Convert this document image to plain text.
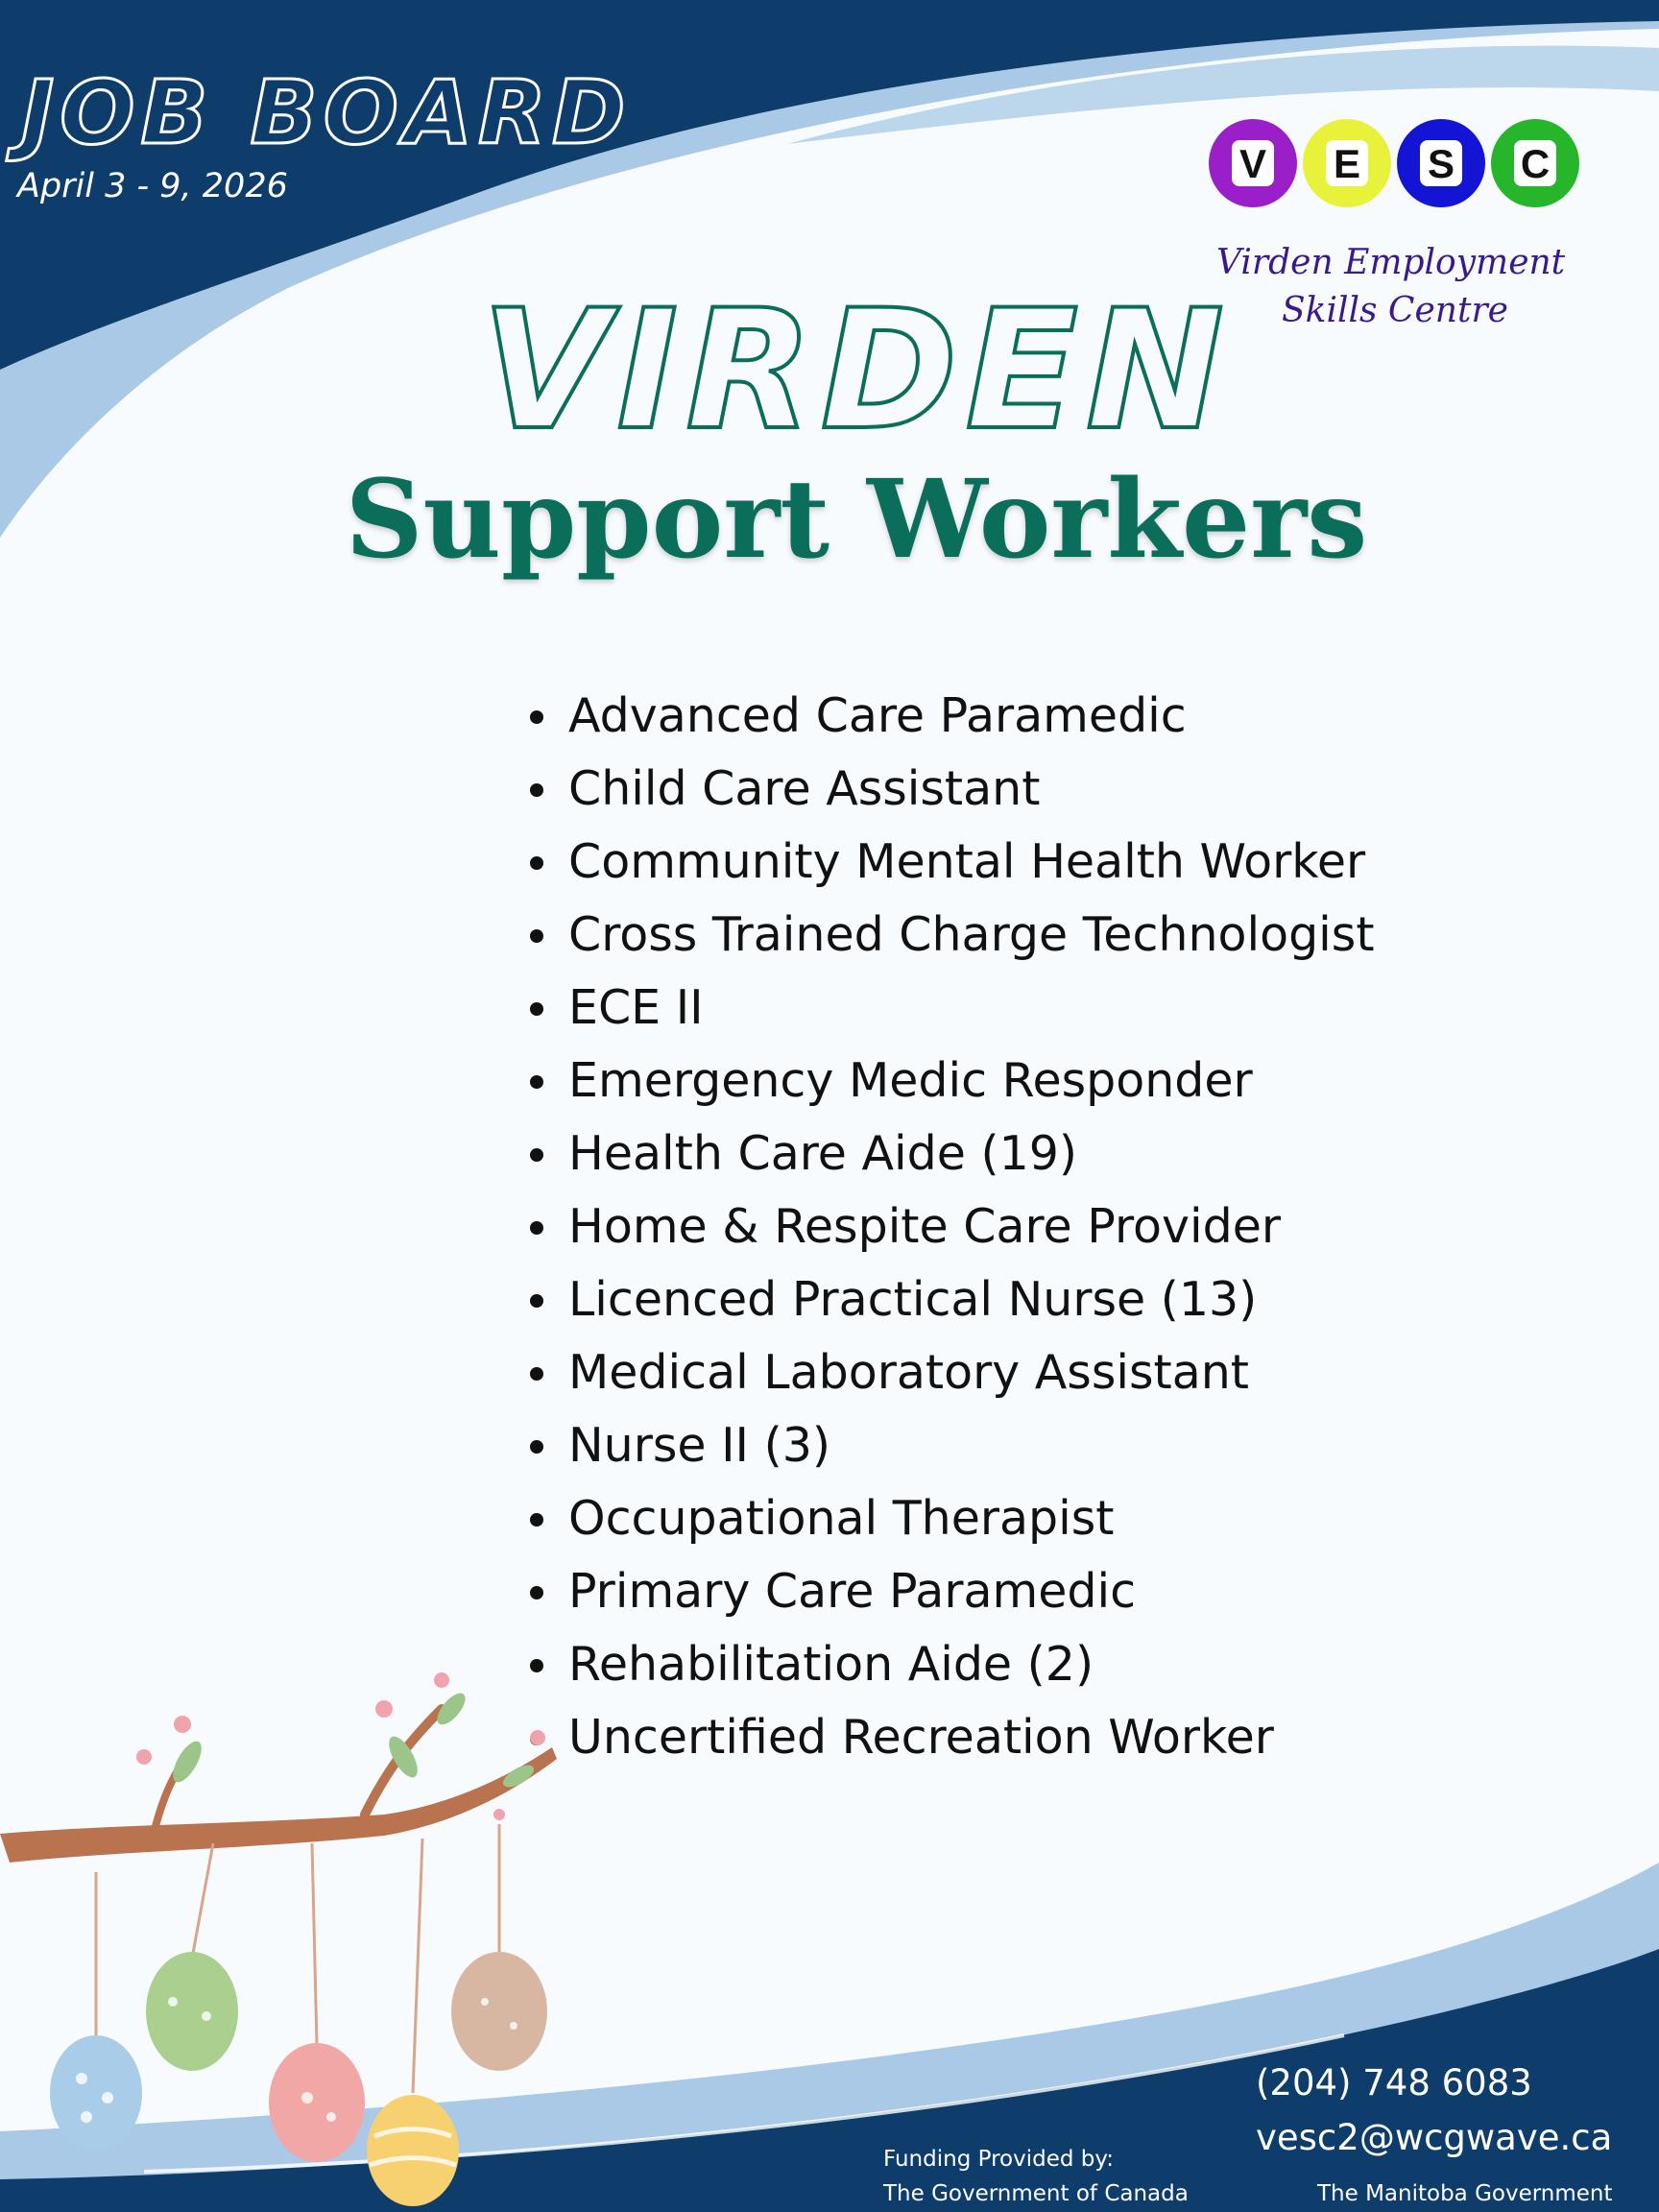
JOB BOARD
April 3 - 9, 2026	V E S C
Virden Employment
Skills Centre
VIRDEN
Support Workers
Advanced Care Paramedic
Child Care Assistant
Community Mental Health Worker
Cross Trained Charge Technologist
ECE II
Emergency Medic Responder
Health Care Aide (19)
Home & Respite Care Provider
Licenced Practical Nurse (13)
Medical Laboratory Assistant
Nurse II (3)
Occupational Therapist
Primary Care Paramedic
Rehabilitation Aide (2)
Uncertified Recreation Worker
(204) 748 6083
vesc2@wcgwave.ca
Funding Provided by:
The Government of Canada	The Manitoba Government
